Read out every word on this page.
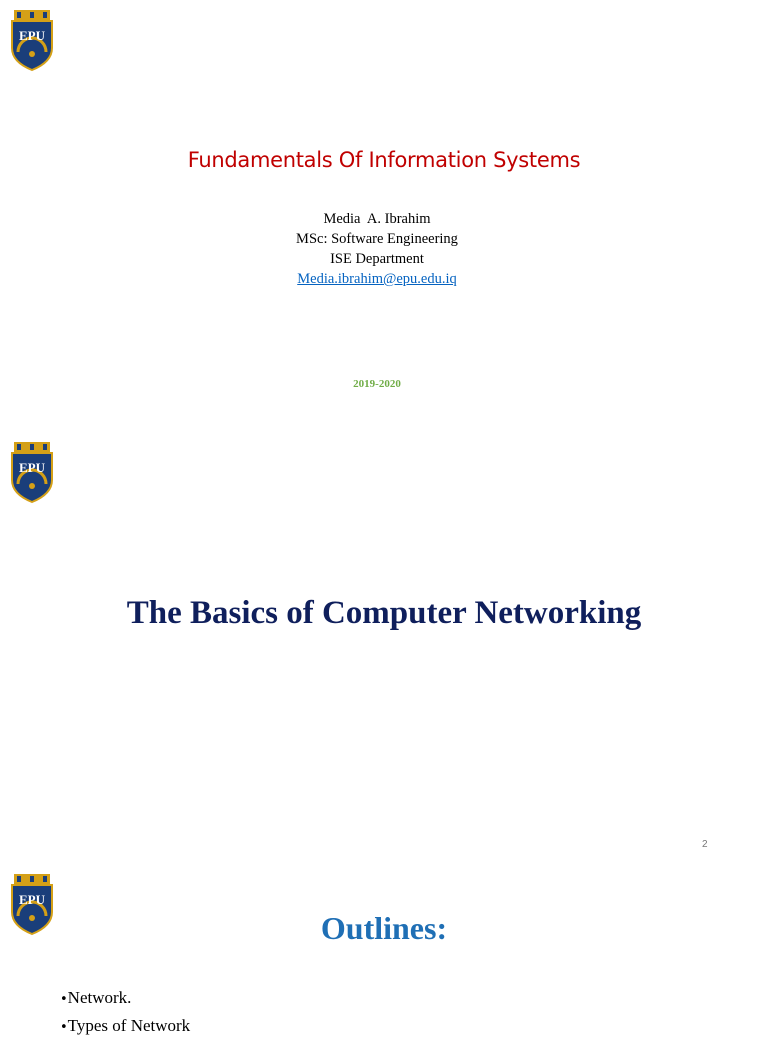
EPU
Fundamentals Of Information Systems
Media  A. Ibrahim
MSc: Software Engineering
ISE Department
Media.ibrahim@epu.edu.iq
2019-2020
EPU
The Basics of Computer Networking
2
EPU
Outlines:
•Network.
•Types of Network
